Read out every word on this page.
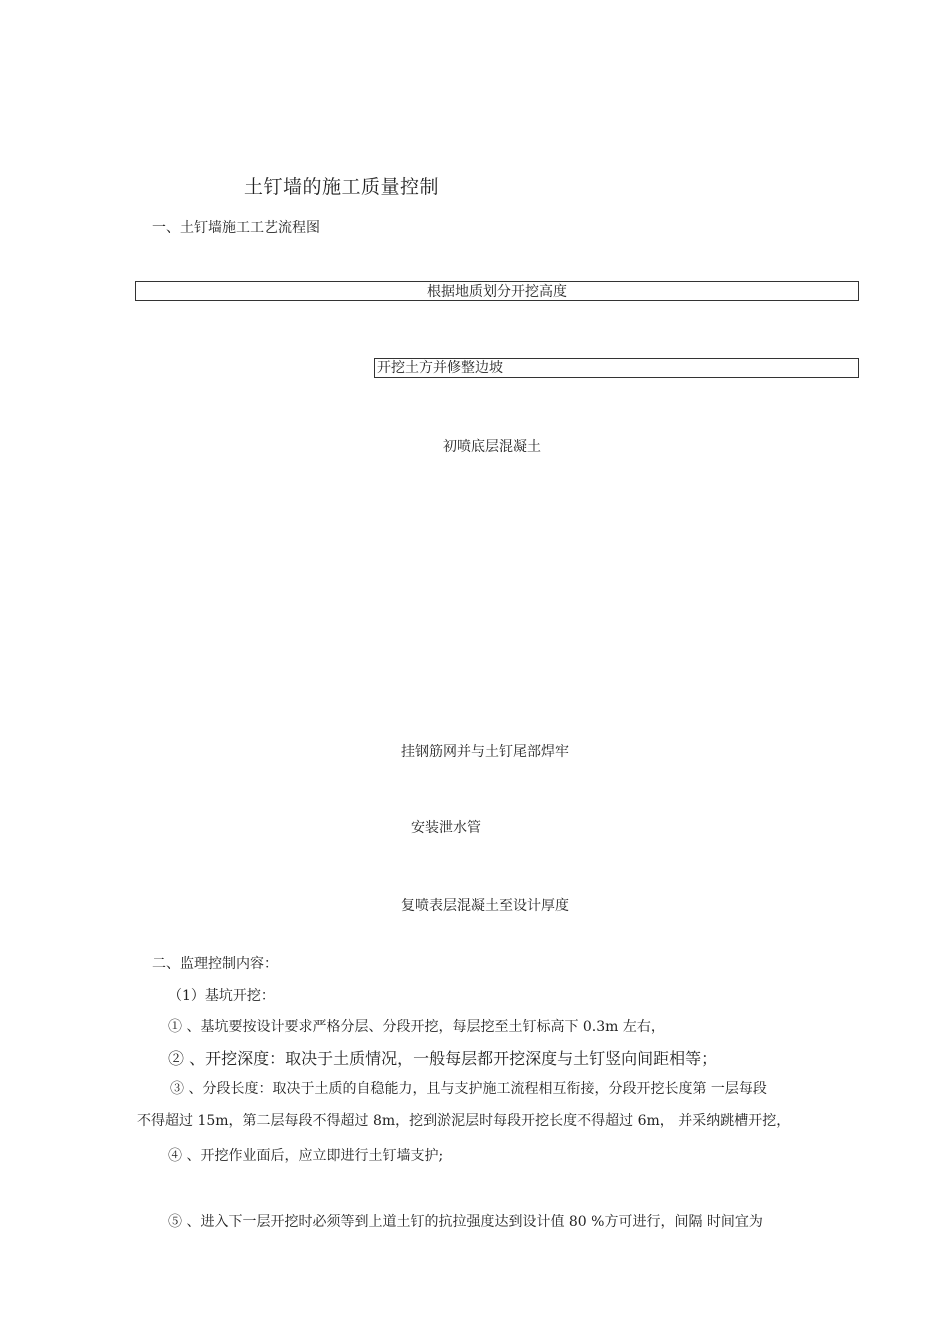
土钉墙的施工质量控制
一、土钉墙施工工艺流程图
根据地质划分开挖高度
开挖土方并修整边坡
初喷底层混凝土
挂钢筋网并与土钉尾部焊牢
安装泄水管
复喷表层混凝土至设计厚度
二、监理控制内容：
（1）基坑开挖：
① 、基坑要按设计要求严格分层、分段开挖，每层挖至土钉标高下 0.3m 左右，
② 、开挖深度：取决于土质情况，一般每层都开挖深度与土钉竖向间距相等；
③ 、分段长度：取决于土质的自稳能力，且与支护施工流程相互衔接，分段开挖长度第 一层每段
不得超过 15m，第二层每段不得超过 8m，挖到淤泥层时每段开挖长度不得超过 6m， 并采纳跳槽开挖，
④ 、开挖作业面后，应立即进行土钉墙支护;
⑤ 、进入下一层开挖时必须等到上道土钉的抗拉强度达到设计值 80 %方可进行，间隔 时间宜为
